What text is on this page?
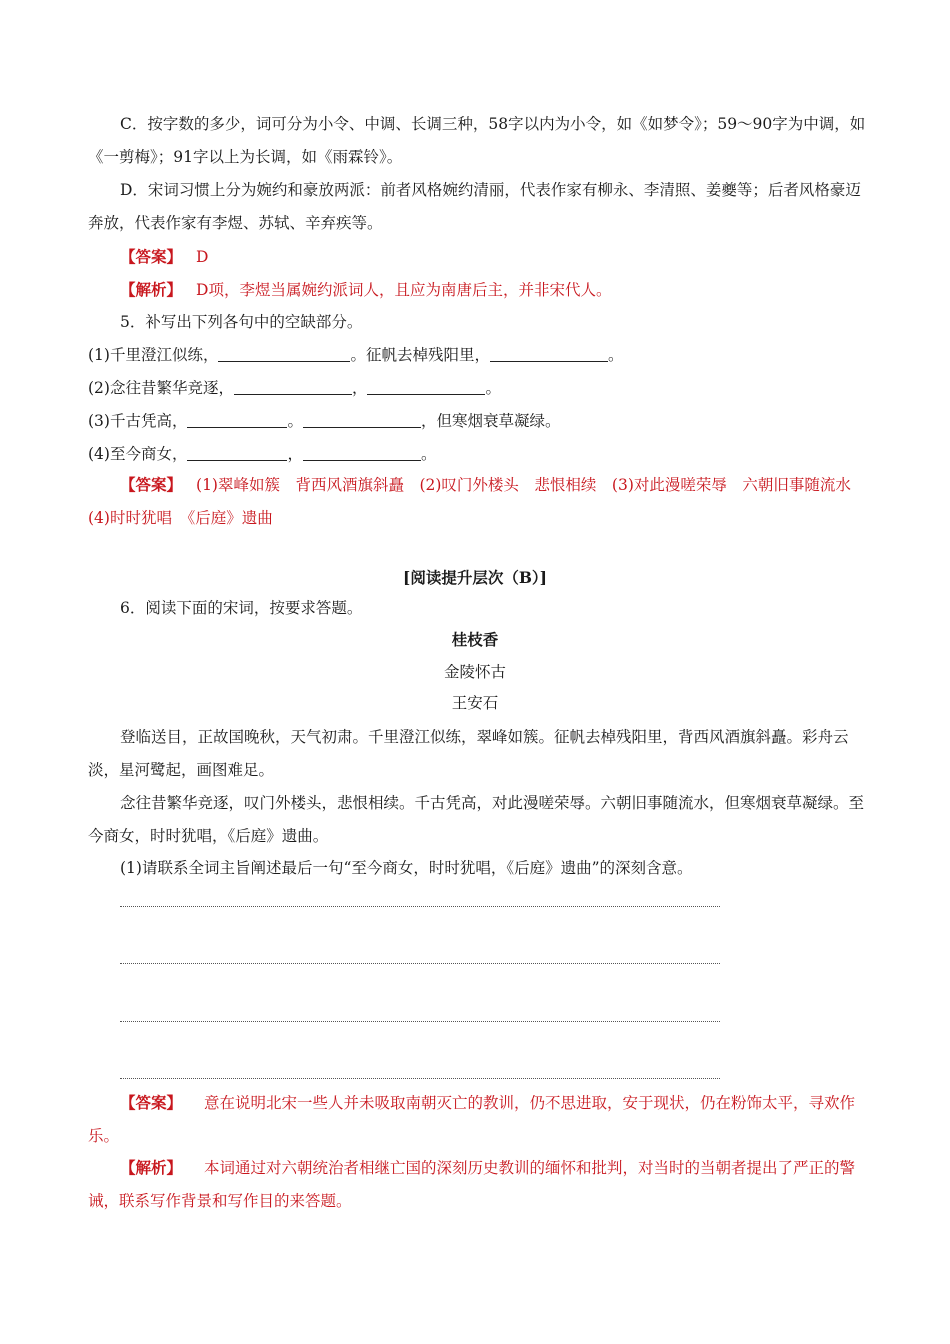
C．按字数的多少，词可分为小令、中调、长调三种，58字以内为小令，如《如梦令》；59～90字为中调，如《一剪梅》；91字以上为长调，如《雨霖铃》。

D．宋词习惯上分为婉约和豪放两派：前者风格婉约清丽，代表作家有柳永、李清照、姜夔等；后者风格豪迈奔放，代表作家有李煜、苏轼、辛弃疾等。

【答案】 D

【解析】 D项，李煜当属婉约派词人，且应为南唐后主，并非宋代人。

5．补写出下列各句中的空缺部分。

(1)千里澄江似练，	。征帆去棹残阳里，	。

(2)念往昔繁华竞逐，	，	。

(3)千古凭高，	。	，但寒烟衰草凝绿。

(4)至今商女，	，	。

【答案】 (1)翠峰如簇　背西风酒旗斜矗　(2)叹门外楼头　悲恨相续　(3)对此漫嗟荣辱　六朝旧事随流水　(4)时时犹唱　《后庭》遗曲

[阅读提升层次（B）]

6．阅读下面的宋词，按要求答题。

桂枝香

金陵怀古

王安石

登临送目，正故国晚秋，天气初肃。千里澄江似练，翠峰如簇。征帆去棹残阳里，背西风酒旗斜矗。彩舟云淡，星河鹭起，画图难足。

念往昔繁华竞逐，叹门外楼头，悲恨相续。千古凭高，对此漫嗟荣辱。六朝旧事随流水，但寒烟衰草凝绿。至今商女，时时犹唱，《后庭》遗曲。

(1)请联系全词主旨阐述最后一句“至今商女，时时犹唱，《后庭》遗曲”的深刻含意。

【答案】 意在说明北宋一些人并未吸取南朝灭亡的教训，仍不思进取，安于现状，仍在粉饰太平，寻欢作乐。

【解析】 本词通过对六朝统治者相继亡国的深刻历史教训的缅怀和批判，对当时的当朝者提出了严正的警诫，联系写作背景和写作目的来答题。
